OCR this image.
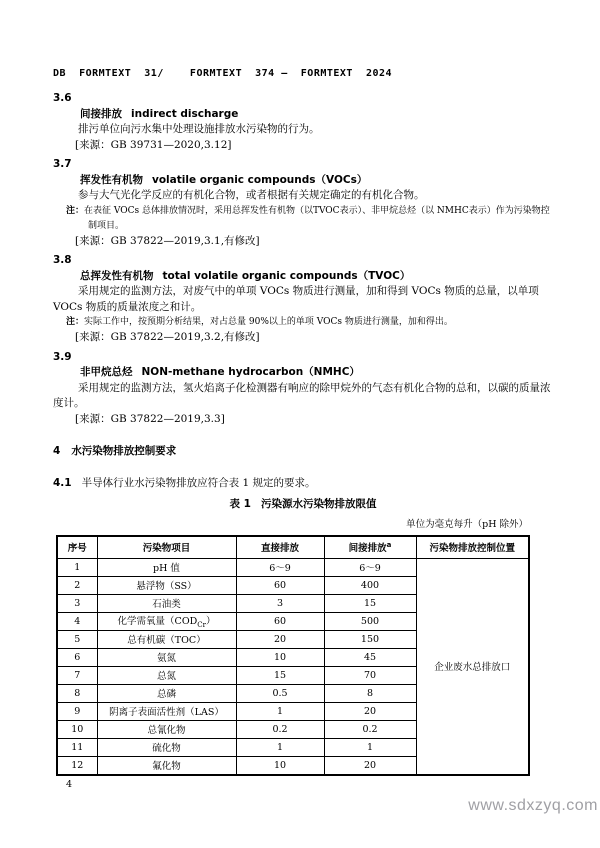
DB  FORMTEXT  31/    FORMTEXT  374 —  FORMTEXT  2024
3.6
间接排放 indirect discharge
排污单位向污水集中处理设施排放水污染物的行为。
[来源：GB 39731—2020,3.12]
3.7
挥发性有机物 volatile organic compounds（VOCs）
参与大气光化学反应的有机化合物，或者根据有关规定确定的有机化合物。
注：在表征 VOCs 总体排放情况时，采用总挥发性有机物（以TVOC表示）、非甲烷总烃（以 NMHC表示）作为污染物控制项目。
[来源：GB 37822—2019,3.1,有修改]
3.8
总挥发性有机物 total volatile organic compounds（TVOC）
采用规定的监测方法，对废气中的单项 VOCs 物质进行测量，加和得到 VOCs 物质的总量，以单项 VOCs 物质的质量浓度之和计。
注：实际工作中，按预期分析结果，对占总量 90%以上的单项 VOCs 物质进行测量，加和得出。
[来源：GB 37822—2019,3.2,有修改]
3.9
非甲烷总烃 NON-methane hydrocarbon（NMHC）
采用规定的监测方法，氢火焰离子化检测器有响应的除甲烷外的气态有机化合物的总和，以碳的质量浓度计。
[来源：GB 37822—2019,3.3]
4 水污染物排放控制要求
4.1 半导体行业水污染物排放应符合表 1 规定的要求。
表 1 污染源水污染物排放限值
单位为毫克每升（pH 除外）
序号	污染物项目	直接排放	间接排放$^a$	污染物排放控制位置
1	pH 值	6～9	6～9	企业废水总排放口
2	悬浮物（SS）	60	400	
3	石油类	3	15	
4	化学需氧量$(COD_{Cr})$	60	500	
5	总有机碳（TOC）	20	150	
6	氨氮	10	45	
7	总氮	15	70	
8	总磷	0.5	8	
9	阴离子表面活性剂（LAS）	1	20	
10	总氰化物	0.2	0.2	
11	硫化物	1	1	
12	氟化物	10	20	
4
www.sdxzyq.com
